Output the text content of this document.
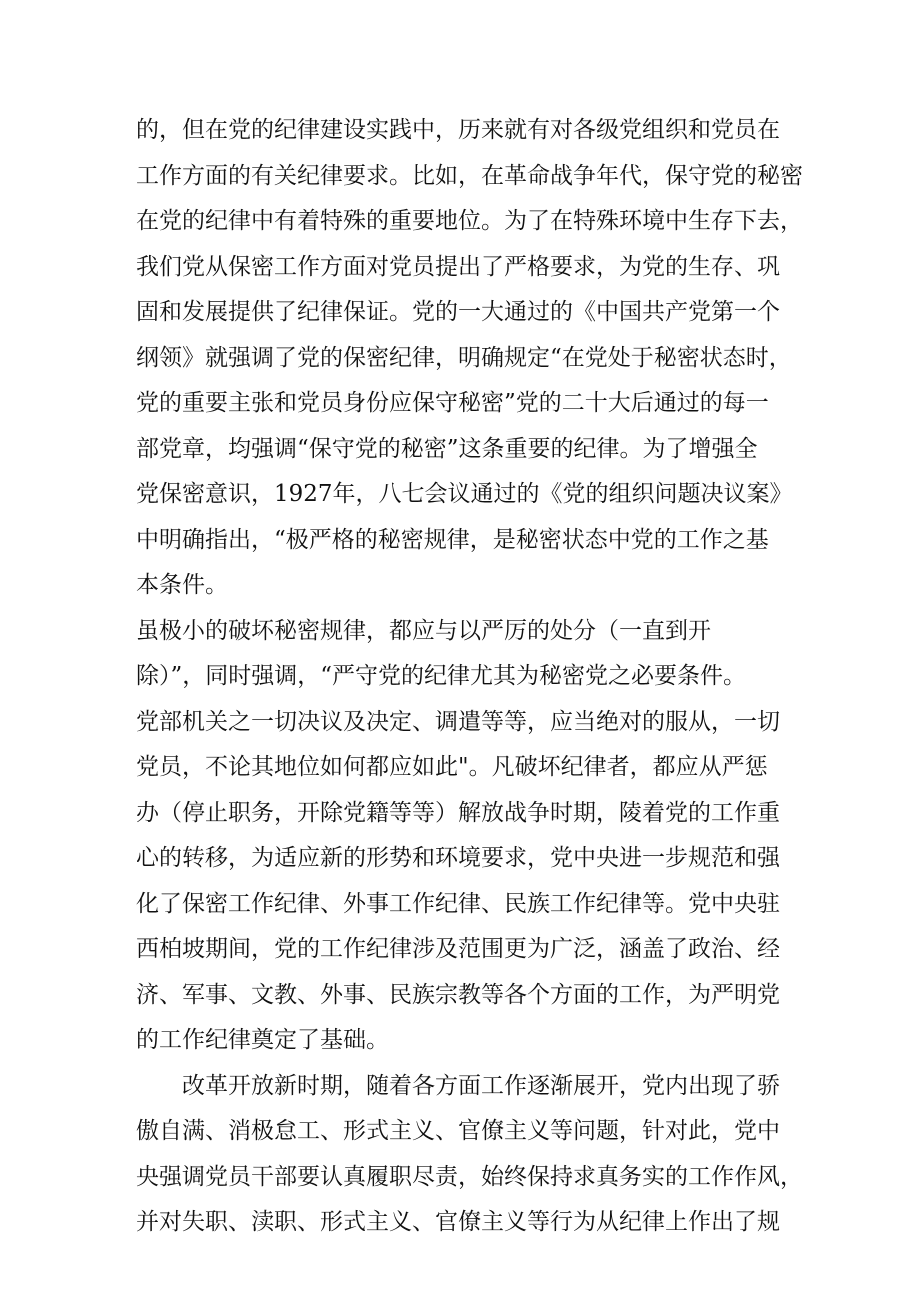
的，但在党的纪律建设实践中，历来就有对各级党组织和党员在
工作方面的有关纪律要求。比如，在革命战争年代，保守党的秘密
在党的纪律中有着特殊的重要地位。为了在特殊环境中生存下去，
我们党从保密工作方面对党员提出了严格要求，为党的生存、巩
固和发展提供了纪律保证。党的一大通过的《中国共产党第一个
纲领》就强调了党的保密纪律，明确规定“在党处于秘密状态时，
党的重要主张和党员身份应保守秘密”党的二十大后通过的每一
部党章，均强调“保守党的秘密”这条重要的纪律。为了增强全
党保密意识，1927年，八七会议通过的《党的组织问题决议案》
中明确指出，“极严格的秘密规律，是秘密状态中党的工作之基
本条件。
虽极小的破坏秘密规律，都应与以严厉的处分（一直到开
除）”，同时强调，“严守党的纪律尤其为秘密党之必要条件。
党部机关之一切决议及决定、调遣等等，应当绝对的服从，一切
党员，不论其地位如何都应如此"。凡破坏纪律者，都应从严惩
办（停止职务，开除党籍等等）解放战争时期，陵着党的工作重
心的转移，为适应新的形势和环境要求，党中央进一步规范和强
化了保密工作纪律、外事工作纪律、民族工作纪律等。党中央驻
西柏坡期间，党的工作纪律涉及范围更为广泛，涵盖了政治、经
济、军事、文教、外事、民族宗教等各个方面的工作，为严明党
的工作纪律奠定了基础。
改革开放新时期，随着各方面工作逐渐展开，党内出现了骄
傲自满、消极怠工、形式主义、官僚主义等问题，针对此，党中
央强调党员干部要认真履职尽责，始终保持求真务实的工作作风，
并对失职、渎职、形式主义、官僚主义等行为从纪律上作出了规
